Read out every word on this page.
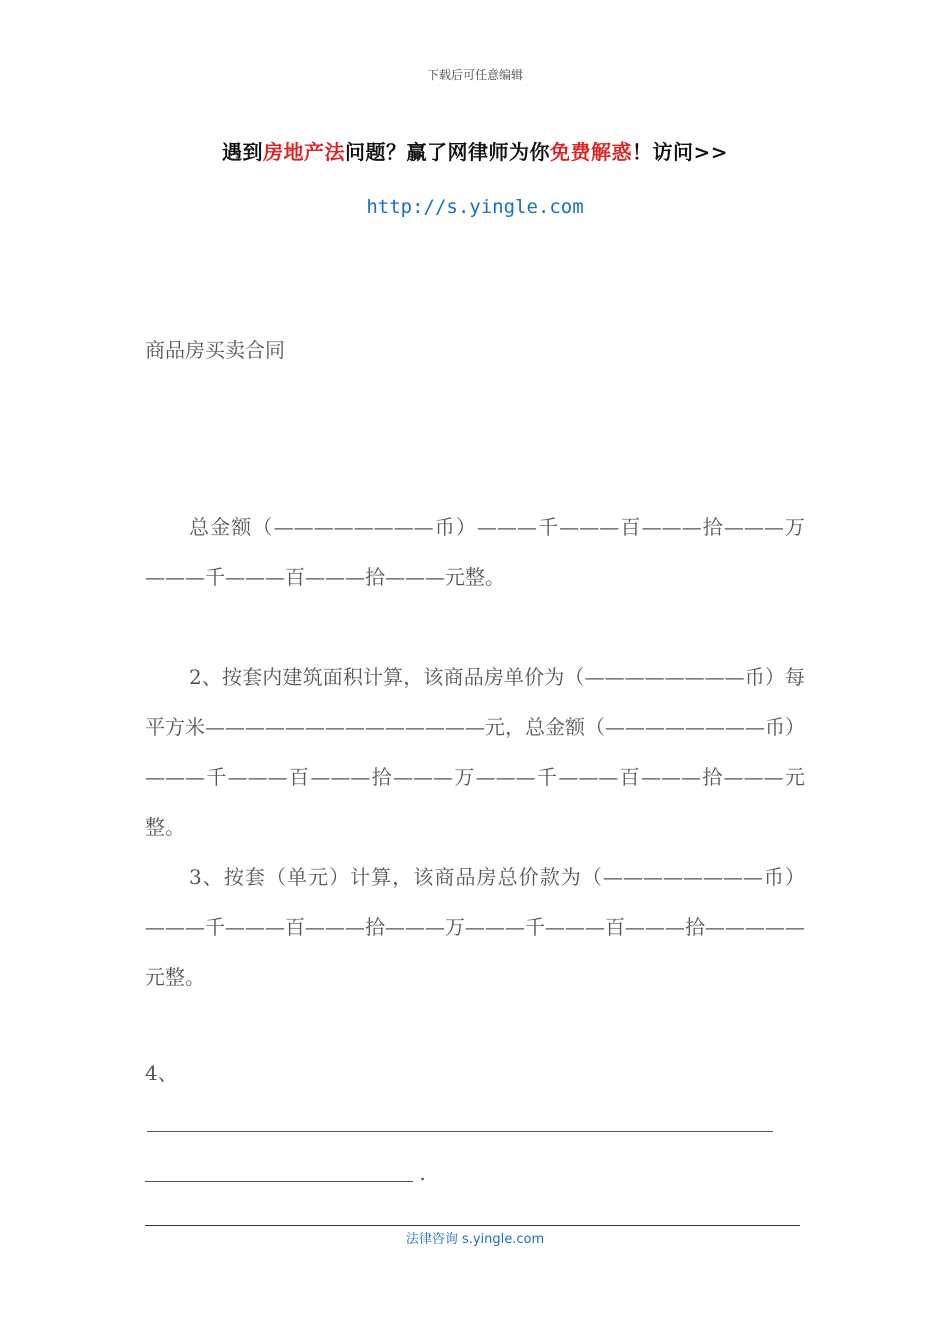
下载后可任意编辑
遇到房地产法问题？赢了网律师为你免费解惑！访问>>
http://s.yingle.com
商品房买卖合同

总金额（————————币）———千———百———拾———万———千———百———拾———元整。

2、按套内建筑面积计算，该商品房单价为（————————币）每平方米——————————————元，总金额（————————币）———千———百———拾———万———千———百———拾———元整。

3、按套（单元）计算，该商品房总价款为（————————币）———千———百———拾———万———千———百———拾—————元整。

4、
.
法律咨询 s.yingle.com
